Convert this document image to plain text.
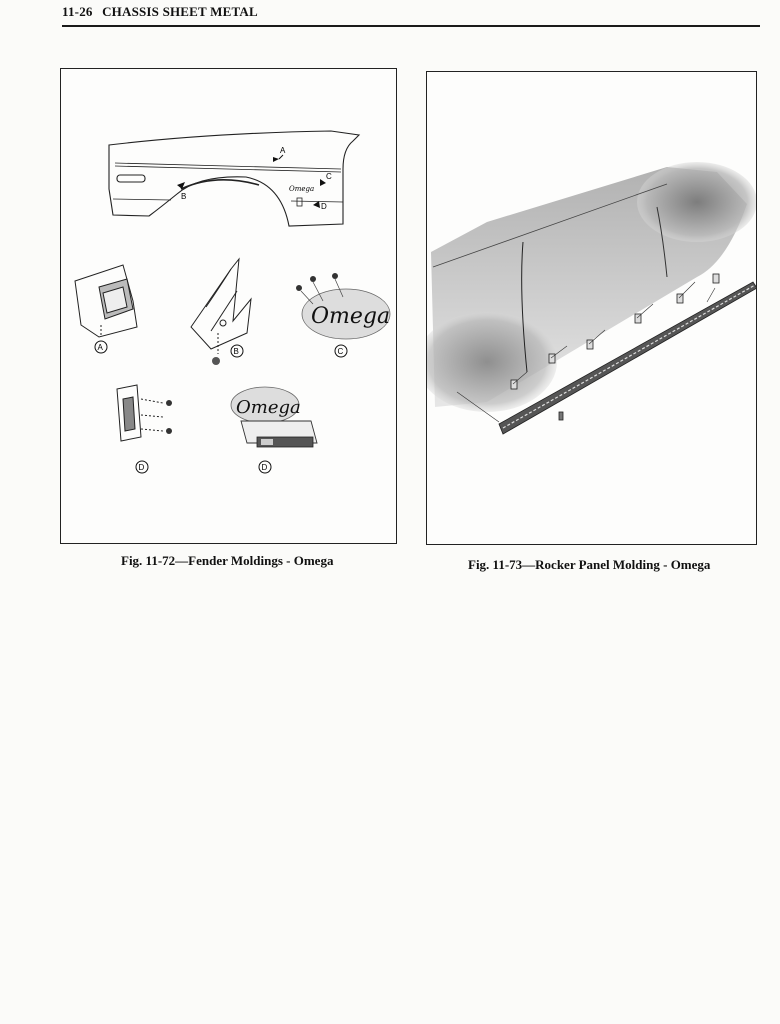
11-26 CHASSIS SHEET METAL
A
B
C
D
Omega
A	B
Omega
C
D
Omega
D
Fig. 11-72—Fender Moldings - Omega	Fig. 11-73—Rocker Panel Molding - Omega
